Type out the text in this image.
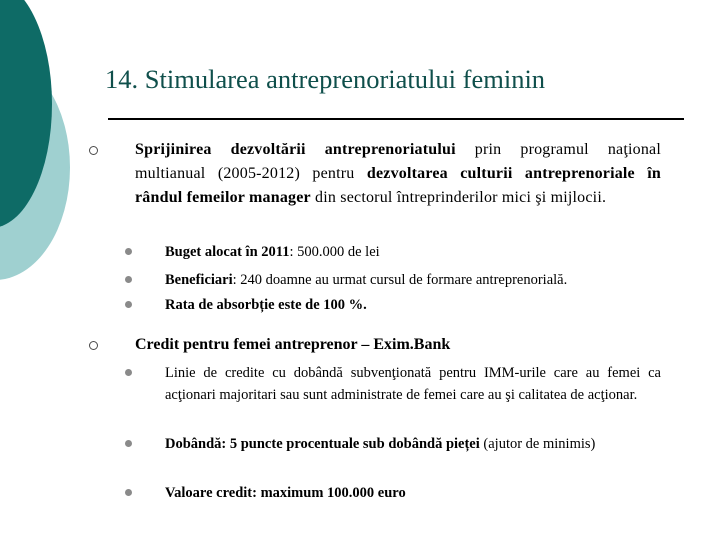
14. Stimularea antreprenoriatului feminin

Sprijinirea dezvoltării antreprenoriatului prin programul naţional multianual (2005-2012) pentru dezvoltarea culturii antreprenoriale în rândul femeilor manager din sectorul întreprinderilor mici şi mijlocii.

Buget alocat în 2011: 500.000 de lei

Beneficiari: 240 doamne au urmat cursul de formare antreprenorială.

Rata de absorbție este de 100 %.

Credit pentru femei antreprenor – Exim.Bank

Linie de credite cu dobândă subvenţionată pentru IMM-urile care au femei ca acţionari majoritari sau sunt administrate de femei care au şi calitatea de acţionar.

Dobândă: 5 puncte procentuale sub dobândă pieței (ajutor de minimis)

Valoare credit: maximum 100.000 euro
